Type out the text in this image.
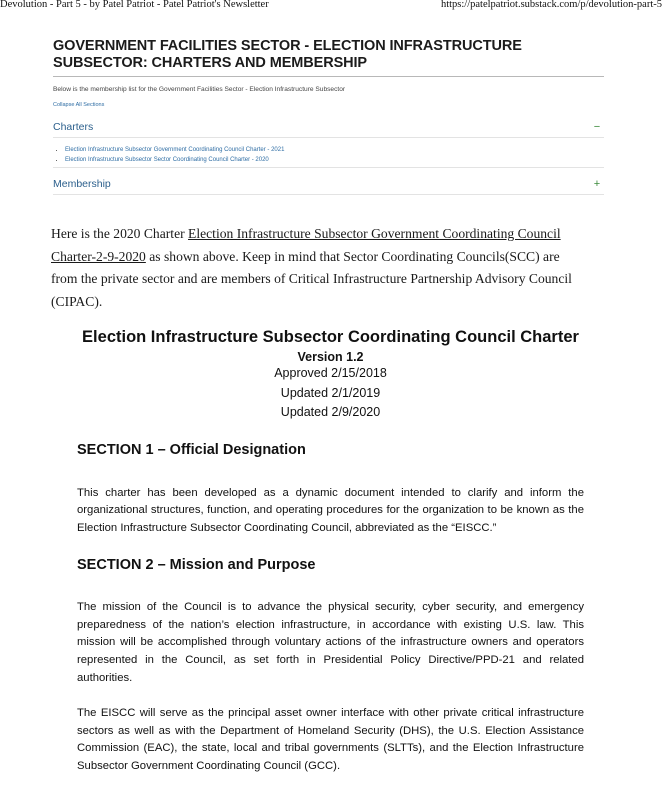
Devolution - Part 5 - by Patel Patriot - Patel Patriot's Newsletter	https://patelpatriot.substack.com/p/devolution-part-5
GOVERNMENT FACILITIES SECTOR - ELECTION INFRASTRUCTURE SUBSECTOR: CHARTERS AND MEMBERSHIP
Below is the membership list for the Government Facilities Sector - Election Infrastructure Subsector
Collapse All Sections
Charters	−
• Election Infrastructure Subsector Government Coordinating Council Charter - 2021
• Election Infrastructure Subsector Sector Coordinating Council Charter - 2020
Membership	+
Here is the 2020 Charter Election Infrastructure Subsector Government Coordinating Council Charter-2-9-2020 as shown above. Keep in mind that Sector Coordinating Councils(SCC) are from the private sector and are members of Critical Infrastructure Partnership Advisory Council (CIPAC).
Election Infrastructure Subsector Coordinating Council Charter
Version 1.2
Approved 2/15/2018
Updated 2/1/2019
Updated 2/9/2020
SECTION 1 – Official Designation
This charter has been developed as a dynamic document intended to clarify and inform the organizational structures, function, and operating procedures for the organization to be known as the Election Infrastructure Subsector Coordinating Council, abbreviated as the “EISCC.”
SECTION 2 – Mission and Purpose
The mission of the Council is to advance the physical security, cyber security, and emergency preparedness of the nation’s election infrastructure, in accordance with existing U.S. law. This mission will be accomplished through voluntary actions of the infrastructure owners and operators represented in the Council, as set forth in Presidential Policy Directive/PPD-21 and related authorities.
The EISCC will serve as the principal asset owner interface with other private critical infrastructure sectors as well as with the Department of Homeland Security (DHS), the U.S. Election Assistance Commission (EAC), the state, local and tribal governments (SLTTs), and the Election Infrastructure Subsector Government Coordinating Council (GCC).
